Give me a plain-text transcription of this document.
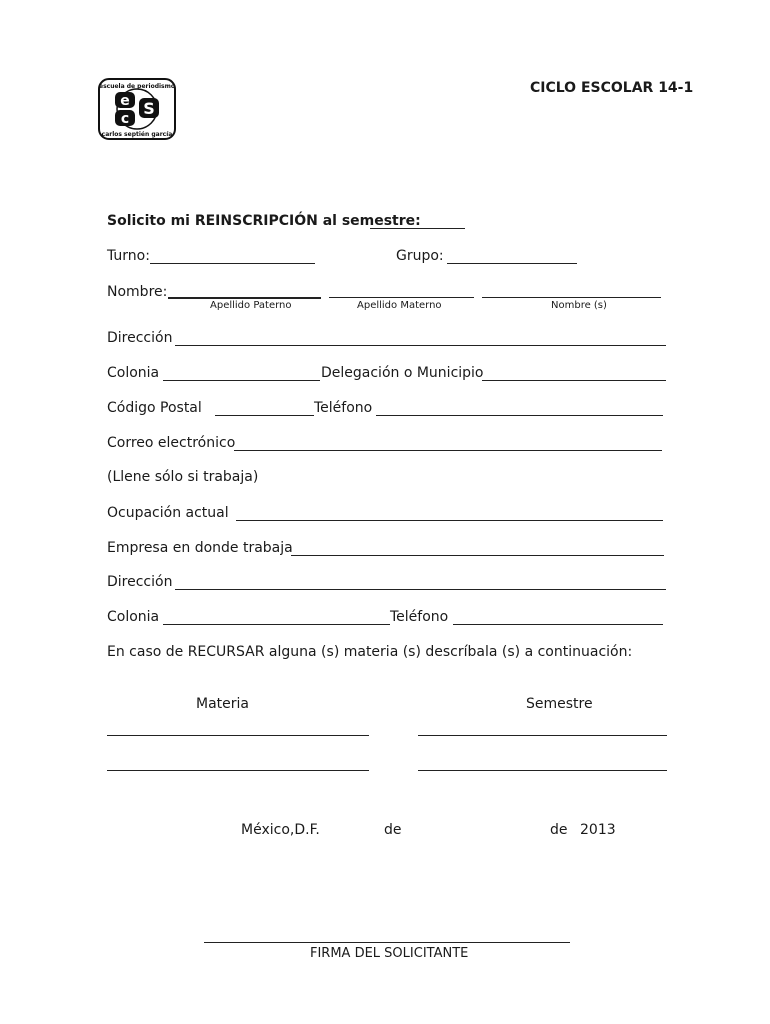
e S
c
escuela de periodismo
carlos septién garcía
CICLO ESCOLAR 14-1
Solicito mi REINSCRIPCIÓN al semestre:
Turno:	Grupo:
Nombre:
Apellido Paterno	Apellido Materno	Nombre (s)
Dirección
Colonia	Delegación o Municipio
Código Postal	Teléfono
Correo electrónico
(Llene sólo si trabaja)
Ocupación actual
Empresa en donde trabaja
Dirección
Colonia	Teléfono
En caso de RECURSAR alguna (s) materia (s) descríbala (s) a continuación:
Materia	Semestre
México,D.F.	de	de 2013
FIRMA DEL SOLICITANTE
